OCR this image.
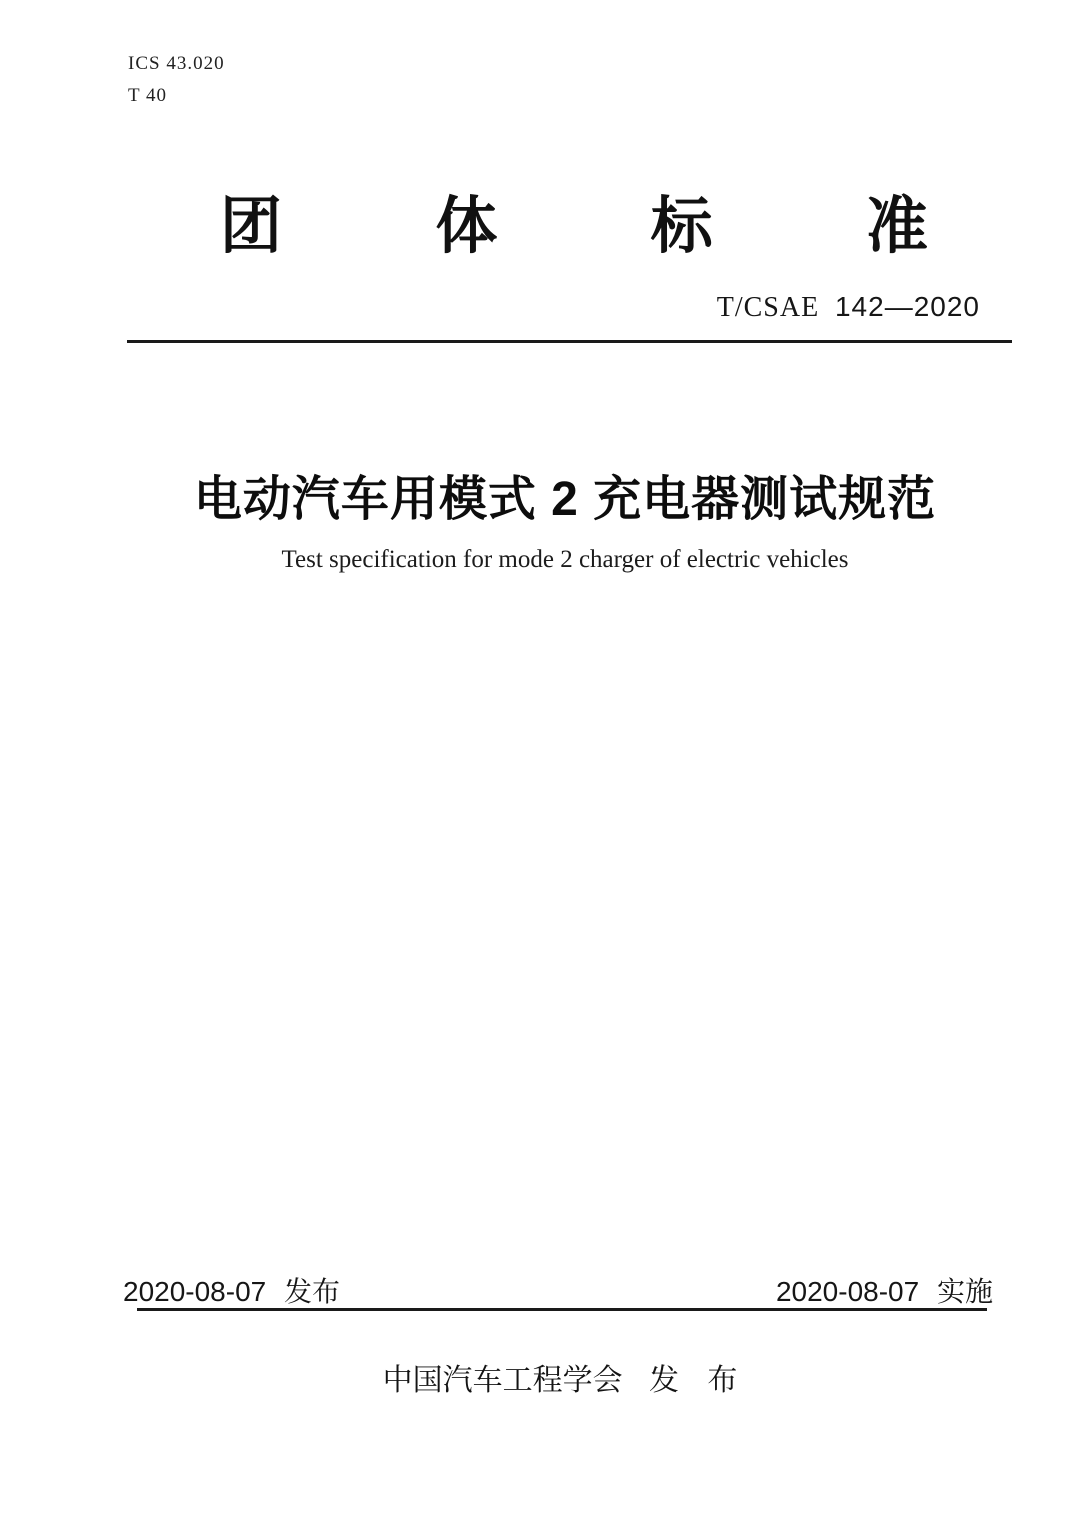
ICS 43.020
T 40
团 体 标 准
T/CSAE 142—2020
电动汽车用模式 2 充电器测试规范
Test specification for mode 2 charger of electric vehicles
2020-08-07 发布	2020-08-07 实施
中国汽车工程学会 发 布
